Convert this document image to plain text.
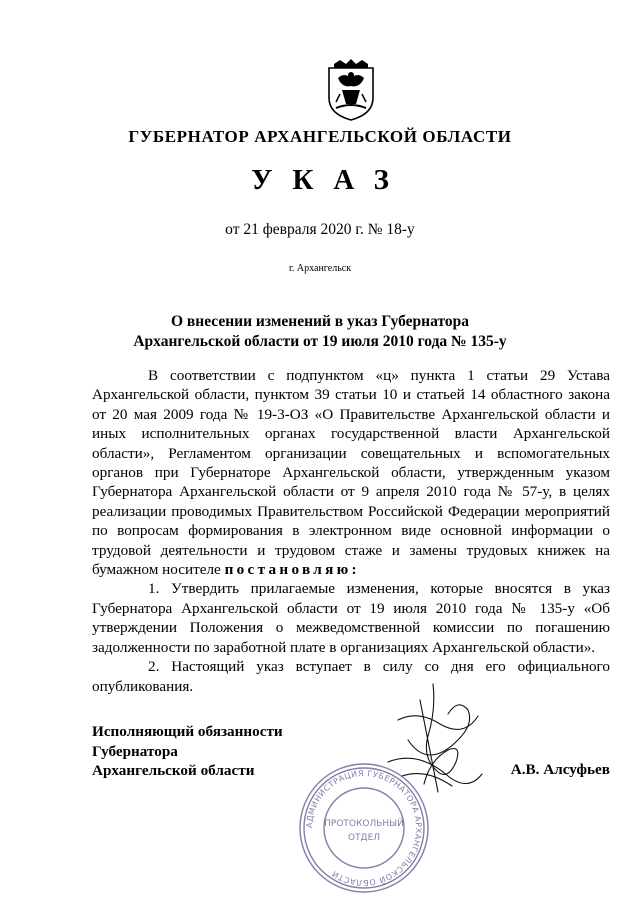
ГУБЕРНАТОР АРХАНГЕЛЬСКОЙ ОБЛАСТИ
УКАЗ
от 21 февраля 2020 г. № 18-у
г. Архангельск
О внесении изменений в указ Губернатора
Архангельской области от 19 июля 2010 года № 135-у

В соответствии с подпунктом «ц» пункта 1 статьи 29 Устава Архангельской области, пунктом 39 статьи 10 и статьей 14 областного закона от 20 мая 2009 года № 19-3-ОЗ «О Правительстве Архангельской области и иных исполнительных органах государственной власти Архангельской области», Регламентом организации совещательных и вспомогательных органов при Губернаторе Архангельской области, утвержденным указом Губернатора Архангельской области от 9 апреля 2010 года № 57-у, в целях реализации проводимых Правительством Российской Федерации мероприятий по вопросам формирования в электронном виде основной информации о трудовой деятельности и трудовом стаже и замены трудовых книжек на бумажном носителе постановляю:

1. Утвердить прилагаемые изменения, которые вносятся в указ Губернатора Архангельской области от 19 июля 2010 года № 135-у «Об утверждении Положения о межведомственной комиссии по погашению задолженности по заработной плате в организациях Архангельской области».

2. Настоящий указ вступает в силу со дня его официального опубликования.

Исполняющий обязанности
Губернатора
Архангельской области	А.В. Алсуфьев
АДМИНИСТРАЦИЯ ГУБЕРНАТОРА АРХАНГЕЛЬСКОЙ ОБЛАСТИ
ПРОТОКОЛЬНЫЙ
ОТДЕЛ
